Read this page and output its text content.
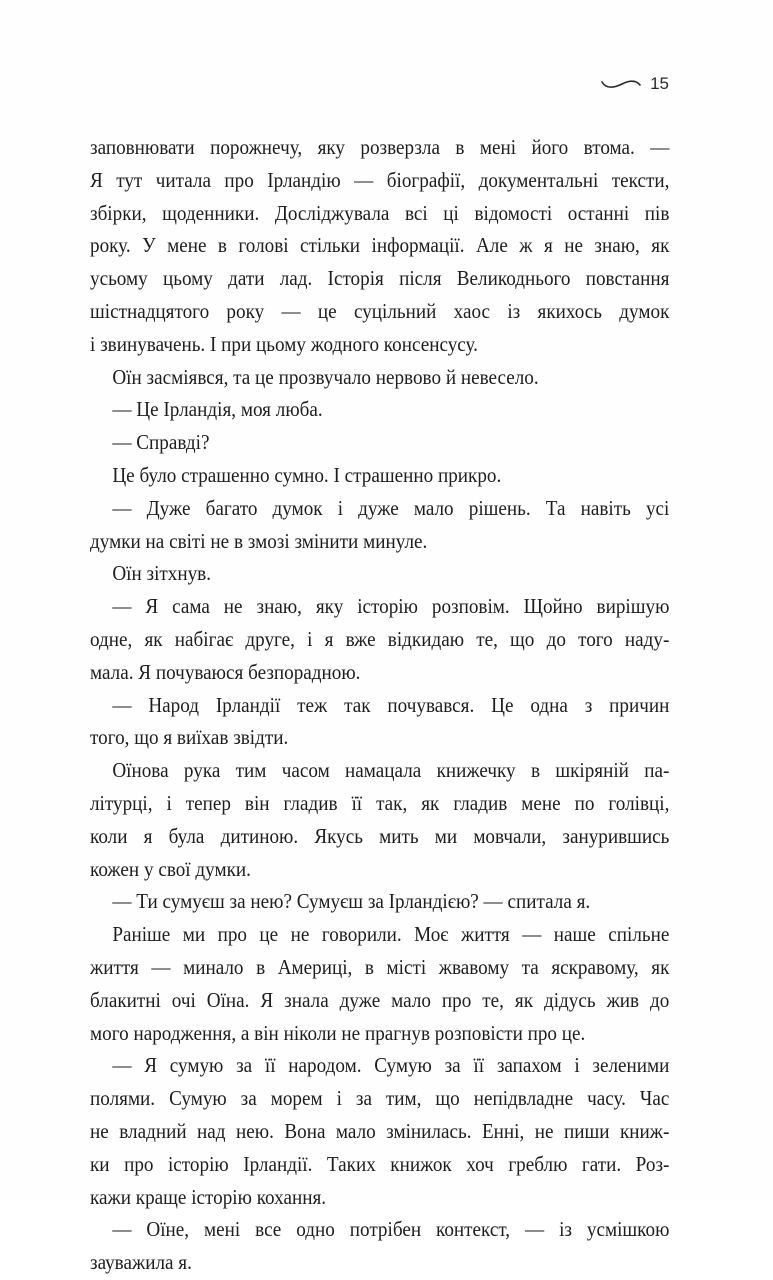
15
заповнювати порожнечу, яку розверзла в мені його втома. —
Я тут читала про Ірландію — біографії, документальні тексти,
збірки, щоденники. Досліджувала всі ці відомості останні пів
року. У мене в голові стільки інформації. Але ж я не знаю, як
усьому цьому дати лад. Історія після Великоднього повстання
шістнадцятого року — це суцільний хаос із якихось думок
і звинувачень. І при цьому жодного консенсусу.
Оїн засміявся, та це прозвучало нервово й невесело.
— Це Ірландія, моя люба.
— Справді?
Це було страшенно сумно. І страшенно прикро.
— Дуже багато думок і дуже мало рішень. Та навіть усі
думки на світі не в змозі змінити минуле.
Оїн зітхнув.
— Я сама не знаю, яку історію розповім. Щойно вирішую
одне, як набігає друге, і я вже відкидаю те, що до того наду-
мала. Я почуваюся безпорадною.
— Народ Ірландії теж так почувався. Це одна з причин
того, що я виїхав звідти.
Оїнова рука тим часом намацала книжечку в шкіряній па-
літурці, і тепер він гладив її так, як гладив мене по голівці,
коли я була дитиною. Якусь мить ми мовчали, занурившись
кожен у свої думки.
— Ти сумуєш за нею? Сумуєш за Ірландією? — спитала я.
Раніше ми про це не говорили. Моє життя — наше спільне
життя — минало в Америці, в місті жвавому та яскравому, як
блакитні очі Оїна. Я знала дуже мало про те, як дідусь жив до
мого народження, а він ніколи не прагнув розповісти про це.
— Я сумую за її народом. Сумую за її запахом і зеленими
полями. Сумую за морем і за тим, що непідвладне часу. Час
не владний над нею. Вона мало змінилась. Енні, не пиши книж-
ки про історію Ірландії. Таких книжок хоч греблю гати. Роз-
кажи краще історію кохання.
— Оїне, мені все одно потрібен контекст, — із усмішкою
зауважила я.
